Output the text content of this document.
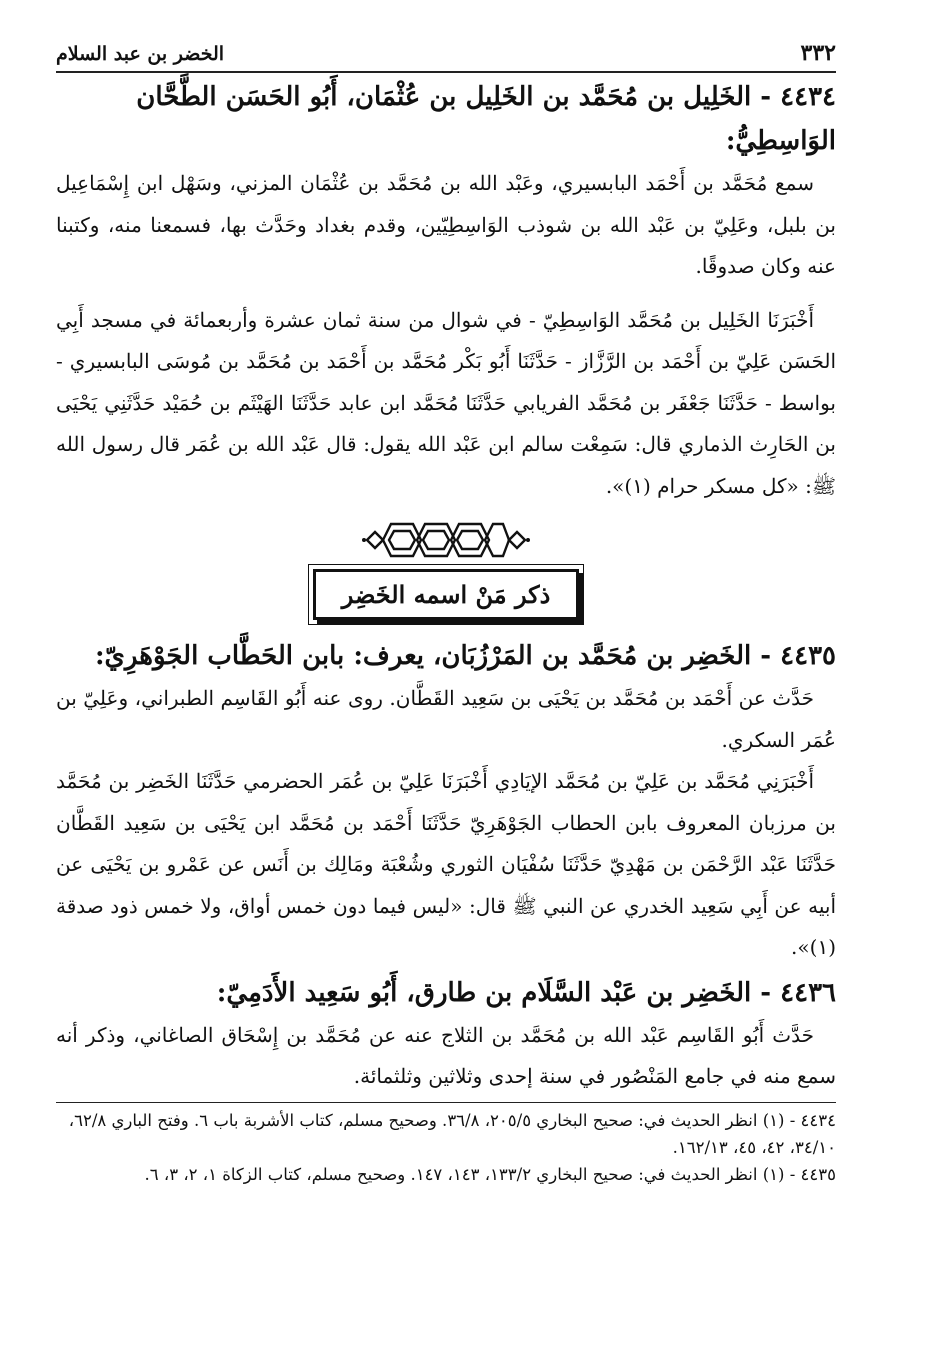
٣٣٢
الخضر بن عبد السلام
٤٤٣٤ - الخَلِيل بن مُحَمَّد بن الخَلِيل بن عُثْمَان، أَبُو الحَسَن الطَّحَّان الوَاسِطِيُّ:

سمع مُحَمَّد بن أَحْمَد البابسيري، وعَبْد الله بن مُحَمَّد بن عُثْمَان المزني، وسَهْل ابن إِسْمَاعِيل بن بلبل، وعَلِيّ بن عَبْد الله بن شوذب الوَاسِطِيّين، وقدم بغداد وحَدَّث بها، فسمعنا منه، وكتبنا عنه وكان صدوقًا.

أَخْبَرَنَا الخَلِيل بن مُحَمَّد الوَاسِطِيّ - في شوال من سنة ثمان عشرة وأربعمائة في مسجد أَبِي الحَسَن عَلِيّ بن أَحْمَد بن الرَّزَّاز - حَدَّثَنَا أَبُو بَكْر مُحَمَّد بن أَحْمَد بن مُحَمَّد بن مُوسَى البابسيري - بواسط - حَدَّثَنَا جَعْفَر بن مُحَمَّد الفريابي حَدَّثَنَا مُحَمَّد ابن عابد حَدَّثَنَا الهَيْثَم بن حُمَيْد حَدَّثَنِي يَحْيَى بن الحَارِث الذماري قال: سَمِعْت سالم ابن عَبْد الله يقول: قال عَبْد الله بن عُمَر قال رسول الله ﷺ: «كل مسكر حرام (١)».

ذكر مَنْ اسمه الخَضِر
٤٤٣٥ - الخَضِر بن مُحَمَّد بن المَرْزُبَان، يعرف: بابن الحَطَّاب الجَوْهَرِيّ:

حَدَّث عن أَحْمَد بن مُحَمَّد بن يَحْيَى بن سَعِيد القَطَّان. روى عنه أَبُو القَاسِم الطبراني، وعَلِيّ بن عُمَر السكري.

أَخْبَرَنِي مُحَمَّد بن عَلِيّ بن مُحَمَّد الإيَادِي أَخْبَرَنَا عَلِيّ بن عُمَر الحضرمي حَدَّثَنَا الخَضِر بن مُحَمَّد بن مرزبان المعروف بابن الحطاب الجَوْهَرِيّ حَدَّثَنَا أَحْمَد بن مُحَمَّد ابن يَحْيَى بن سَعِيد القَطَّان حَدَّثَنَا عَبْد الرَّحْمَن بن مَهْدِيّ حَدَّثَنَا سُفْيَان الثوري وشُعْبَة ومَالِك بن أَنَس عن عَمْرو بن يَحْيَى عن أبيه عن أَبِي سَعِيد الخدري عن النبي ﷺ قال: «ليس فيما دون خمس أواق، ولا خمس ذود صدقة (١)».

٤٤٣٦ - الخَضِر بن عَبْد السَّلَام بن طارق، أَبُو سَعِيد الأَدَمِيّ:

حَدَّث أَبُو القَاسِم عَبْد الله بن مُحَمَّد بن الثلاج عنه عن مُحَمَّد بن إِسْحَاق الصاغاني، وذكر أنه سمع منه في جامع المَنْصُور في سنة إحدى وثلاثين وثلثمائة.

٤٤٣٤ - (١) انظر الحديث في: صحيح البخاري ٢٠٥/٥، ٣٦/٨. وصحيح مسلم، كتاب الأشربة باب ٦. وفتح الباري ٦٢/٨، ٣٤/١٠، ٤٢، ٤٥، ١٦٢/١٣.

٤٤٣٥ - (١) انظر الحديث في: صحيح البخاري ١٣٣/٢، ١٤٣، ١٤٧. وصحيح مسلم، كتاب الزكاة ١، ٢، ٣، ٦.
